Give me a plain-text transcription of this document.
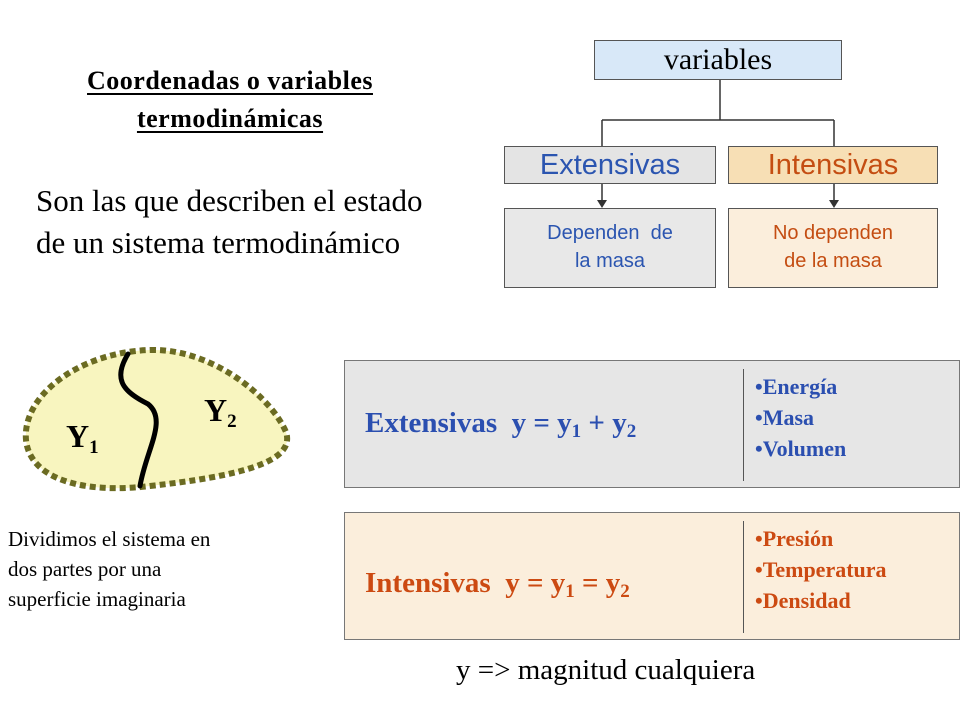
Coordenadas o variables
termodinámicas
Son las que describen el estado
de un sistema termodinámico
variables
Extensivas	Intensivas
Dependen  de
la masa
No dependen
de la masa
$Y_1$
$Y_2$
Dividimos el sistema en
dos partes por una
superficie imaginaria
Extensivas $y = y_1 + y_2$
• Energía
• Masa
• Volumen
Intensivas $y = y_1 = y_2$
• Presión
• Temperatura
• Densidad
y => magnitud cualquiera
